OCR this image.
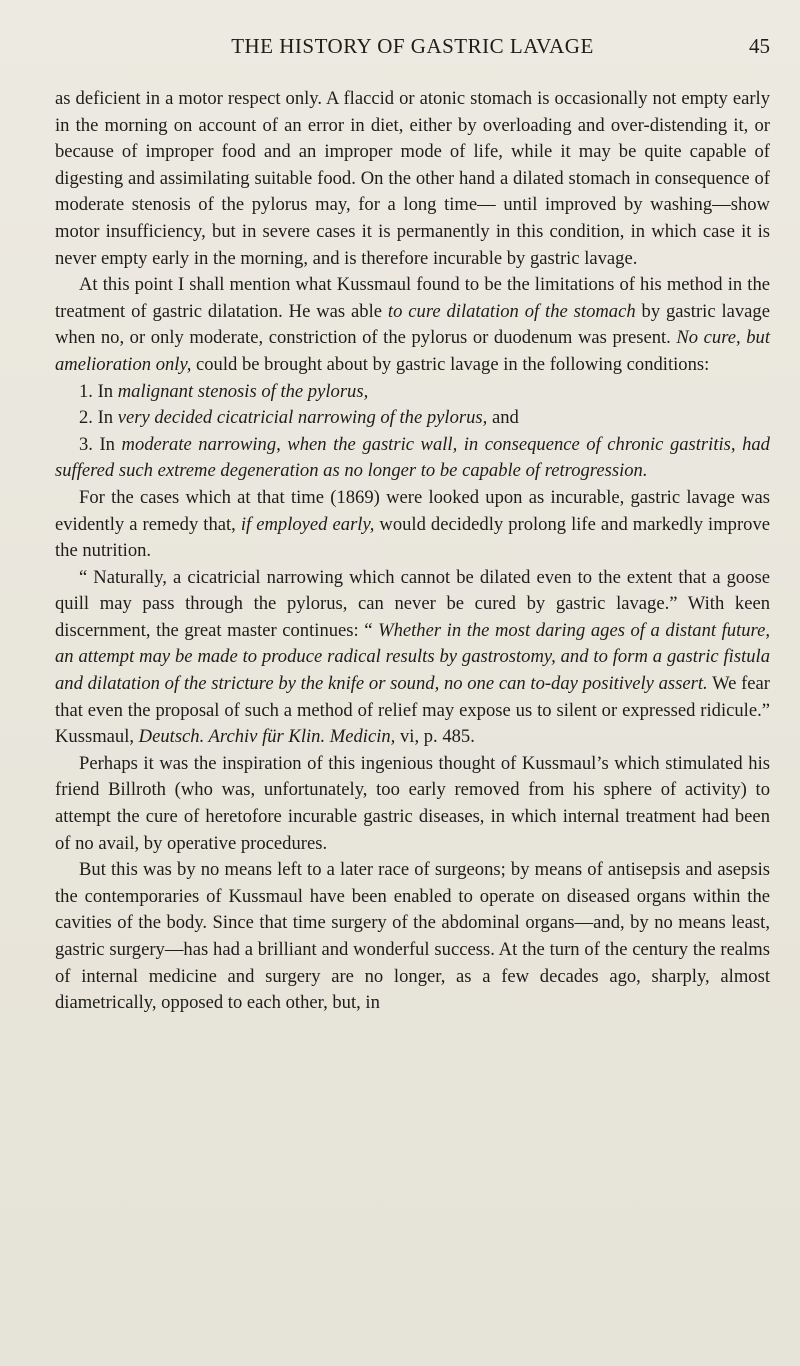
THE HISTORY OF GASTRIC LAVAGE	45

as deficient in a motor respect only. A flaccid or atonic stomach is occasionally not empty early in the morning on account of an error in diet, either by overloading and over-distending it, or because of improper food and an improper mode of life, while it may be quite capable of digesting and assimilating suitable food. On the other hand a dilated stomach in consequence of moderate stenosis of the pylorus may, for a long time— until improved by washing—show motor insufficiency, but in severe cases it is permanently in this condition, in which case it is never empty early in the morning, and is therefore incurable by gastric lavage.

At this point I shall mention what Kussmaul found to be the limitations of his method in the treatment of gastric dilatation. He was able to cure dilatation of the stomach by gastric lavage when no, or only moderate, constriction of the pylorus or duodenum was present. No cure, but amelioration only, could be brought about by gastric lavage in the following conditions:

1. In malignant stenosis of the pylorus,

2. In very decided cicatricial narrowing of the pylorus, and

3. In moderate narrowing, when the gastric wall, in consequence of chronic gastritis, had suffered such extreme degeneration as no longer to be capable of retrogression.

For the cases which at that time (1869) were looked upon as incurable, gastric lavage was evidently a remedy that, if employed early, would decidedly prolong life and markedly improve the nutrition.

“ Naturally, a cicatricial narrowing which cannot be dilated even to the extent that a goose quill may pass through the pylorus, can never be cured by gastric lavage.” With keen discernment, the great master continues: “ Whether in the most daring ages of a distant future, an attempt may be made to produce radical results by gastrostomy, and to form a gastric fistula and dilatation of the stricture by the knife or sound, no one can to-day positively assert. We fear that even the proposal of such a method of relief may expose us to silent or expressed ridicule.” Kussmaul, Deutsch. Archiv für Klin. Medicin, vi, p. 485.

Perhaps it was the inspiration of this ingenious thought of Kussmaul’s which stimulated his friend Billroth (who was, unfortunately, too early removed from his sphere of activity) to attempt the cure of heretofore incurable gastric diseases, in which internal treatment had been of no avail, by operative procedures.

But this was by no means left to a later race of surgeons; by means of antisepsis and asepsis the contemporaries of Kussmaul have been enabled to operate on diseased organs within the cavities of the body. Since that time surgery of the abdominal organs—and, by no means least, gastric surgery—has had a brilliant and wonderful success. At the turn of the century the realms of internal medicine and surgery are no longer, as a few decades ago, sharply, almost diametrically, opposed to each other, but, in
